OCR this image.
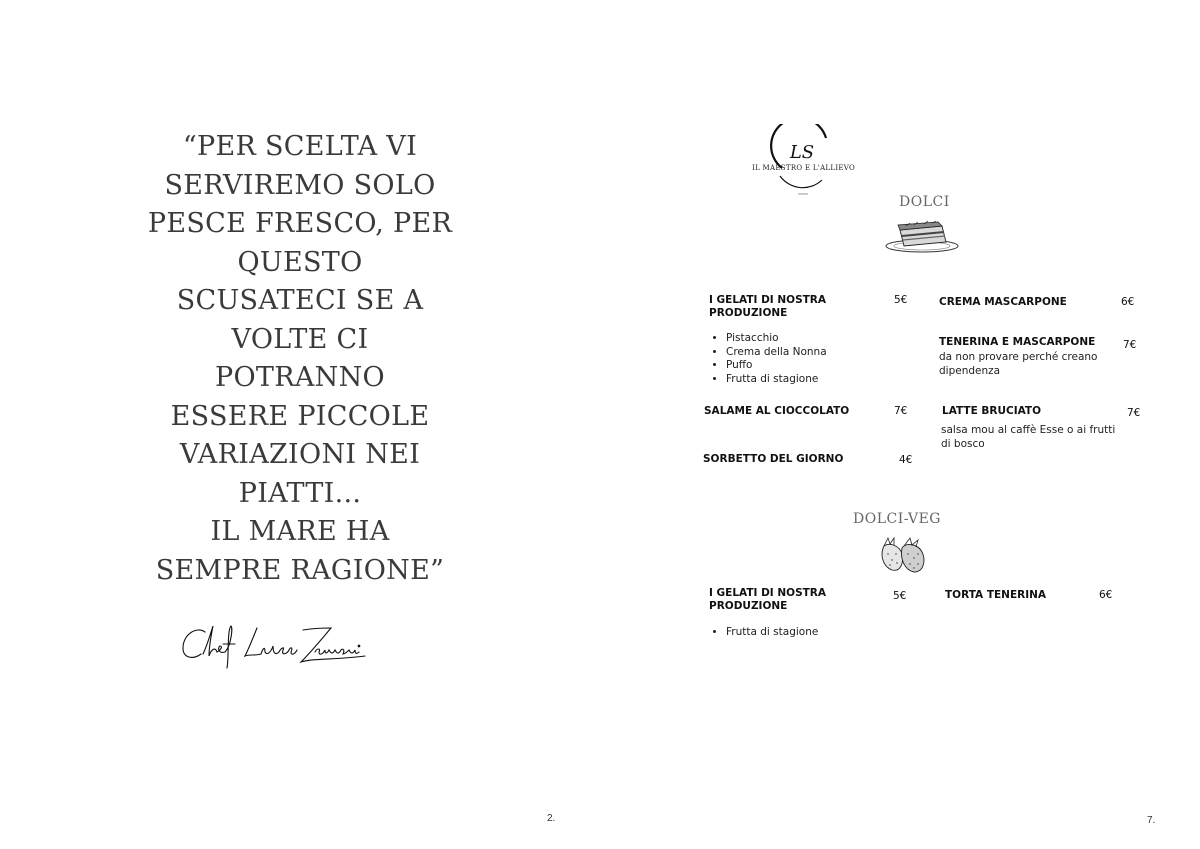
“PER SCELTA VI
SERVIREMO SOLO
PESCE FRESCO, PER
QUESTO
SCUSATECI SE A
VOLTE CI
POTRANNO
ESSERE PICCOLE
VARIAZIONI NEI
PIATTI...
IL MARE HA
SEMPRE RAGIONE”
2.
LS
IL MAESTRO E L'ALLIEVO
DOLCI
I GELATI DI NOSTRA
PRODUZIONE
5€
• Pistacchio
• Crema della Nonna
• Puffo
• Frutta di stagione
CREMA MASCARPONE	6€
TENERINA E MASCARPONE	7€
da non provare perché creano
dipendenza
SALAME AL CIOCCOLATO	7€	LATTE BRUCIATO	7€
salsa mou al caffè Esse o ai frutti
di bosco
SORBETTO DEL GIORNO	4€
DOLCI-VEG
I GELATI DI NOSTRA
PRODUZIONE
5€
• Frutta di stagione
TORTA TENERINA	6€
7.
